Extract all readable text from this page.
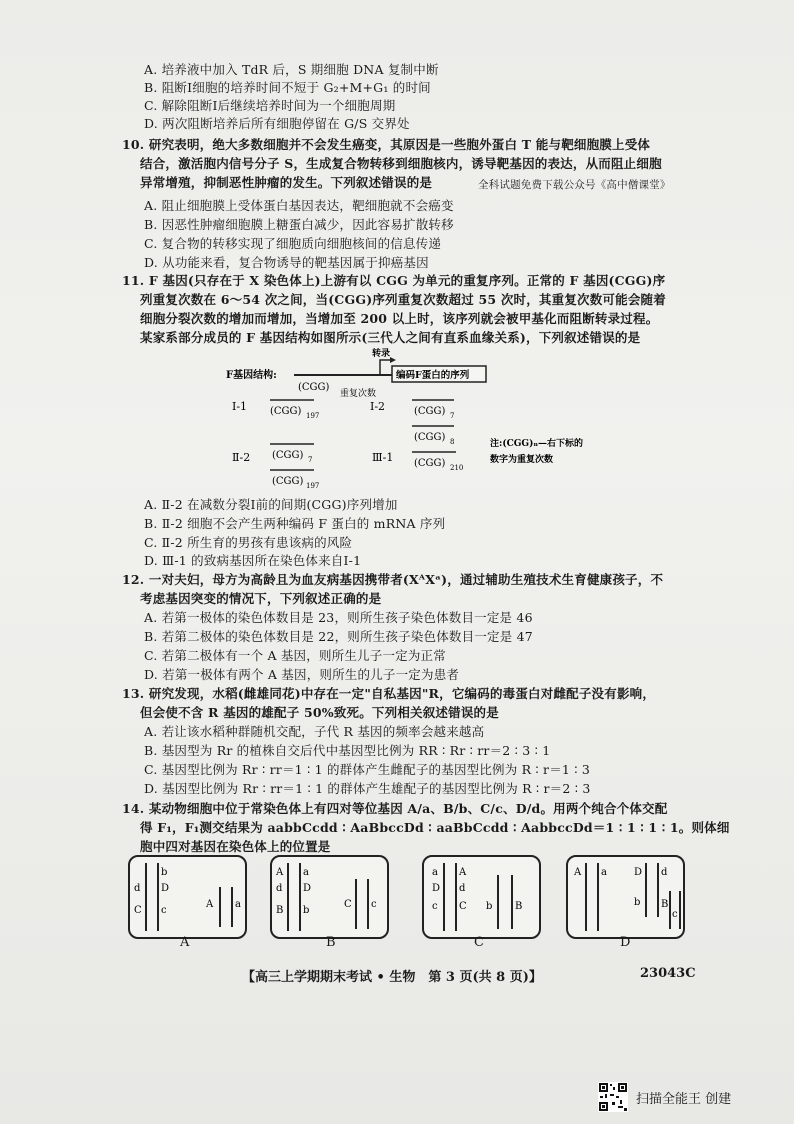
A. 培养液中加入 TdR 后，S 期细胞 DNA 复制中断
B. 阻断Ⅰ细胞的培养时间不短于 G₂+M+G₁ 的时间
C. 解除阻断Ⅰ后继续培养时间为一个细胞周期
D. 两次阻断培养后所有细胞停留在 G/S 交界处
10. 研究表明，绝大多数细胞并不会发生癌变，其原因是一些胞外蛋白 T 能与靶细胞膜上受体
结合，激活胞内信号分子 S，生成复合物转移到细胞核内，诱导靶基因的表达，从而阻止细胞
异常增殖，抑制恶性肿瘤的发生。下列叙述错误的是	全科试题免费下载公众号《高中僧课堂》
A. 阻止细胞膜上受体蛋白基因表达，靶细胞就不会癌变
B. 因恶性肿瘤细胞膜上糖蛋白减少，因此容易扩散转移
C. 复合物的转移实现了细胞质向细胞核间的信息传递
D. 从功能来看，复合物诱导的靶基因属于抑癌基因
11. F 基因(只存在于 X 染色体上)上游有以 CGG 为单元的重复序列。正常的 F 基因(CGG)序
列重复次数在 6～54 次之间，当(CGG)序列重复次数超过 55 次时，其重复次数可能会随着
细胞分裂次数的增加而增加，当增加至 200 以上时，该序列就会被甲基化而阻断转录过程。
某家系部分成员的 F 基因结构如图所示(三代人之间有直系血缘关系)，下列叙述错误的是
F基因结构:
(CGG)
重复次数
转录
编码F蛋白的序列
Ⅰ-1 (CGG) 197
Ⅰ-2	(CGG) 7
(CGG) 8
Ⅱ-2 (CGG) 7
(CGG) 197
Ⅲ-1 (CGG) 210
注:(CGG)ₙ—右下标的
数字为重复次数
A. Ⅱ-2 在减数分裂Ⅰ前的间期(CGG)序列增加
B. Ⅱ-2 细胞不会产生两种编码 F 蛋白的 mRNA 序列
C. Ⅱ-2 所生育的男孩有患该病的风险
D. Ⅲ-1 的致病基因所在染色体来自Ⅰ-1
12. 一对夫妇，母方为高龄且为血友病基因携带者(XᴬXᵃ)，通过辅助生殖技术生育健康孩子，不
考虑基因突变的情况下，下列叙述正确的是
A. 若第一极体的染色体数目是 23，则所生孩子染色体数目一定是 46
B. 若第二极体的染色体数目是 22，则所生孩子染色体数目一定是 47
C. 若第二极体有一个 A 基因，则所生儿子一定为正常
D. 若第一极体有两个 A 基因，则所生的儿子一定为患者
13. 研究发现，水稻(雌雄同花)中存在一定"自私基因"R，它编码的毒蛋白对雌配子没有影响，
但会使不含 R 基因的雄配子 50%致死。下列相关叙述错误的是
A. 若让该水稻种群随机交配，子代 R 基因的频率会越来越高
B. 基因型为 Rr 的植株自交后代中基因型比例为 RR ∶ Rr ∶ rr＝2 ∶ 3 ∶ 1
C. 基因型比例为 Rr ∶ rr＝1 ∶ 1 的群体产生雌配子的基因型比例为 R ∶ r＝1 ∶ 3
D. 基因型比例为 Rr ∶ rr＝1 ∶ 1 的群体产生雄配子的基因型比例为 R ∶ r＝2 ∶ 3
14. 某动物细胞中位于常染色体上有四对等位基因 A/a、B/b、C/c、D/d。用两个纯合个体交配
得 F₁，F₁测交结果为 aabbCcdd ∶ AaBbccDd ∶ aaBbCcdd ∶ AabbccDd＝1 ∶ 1 ∶ 1 ∶ 1。则体细
胞中四对基因在染色体上的位置是
b
d D
C c
A a
A a
d D
B b
C c
a A
D d
c C b B
A a	D d
b B
c
A	B	C	D
【高三上学期期末考试 • 生物　第 3 页(共 8 页)】	23043C
扫描全能王 创建
